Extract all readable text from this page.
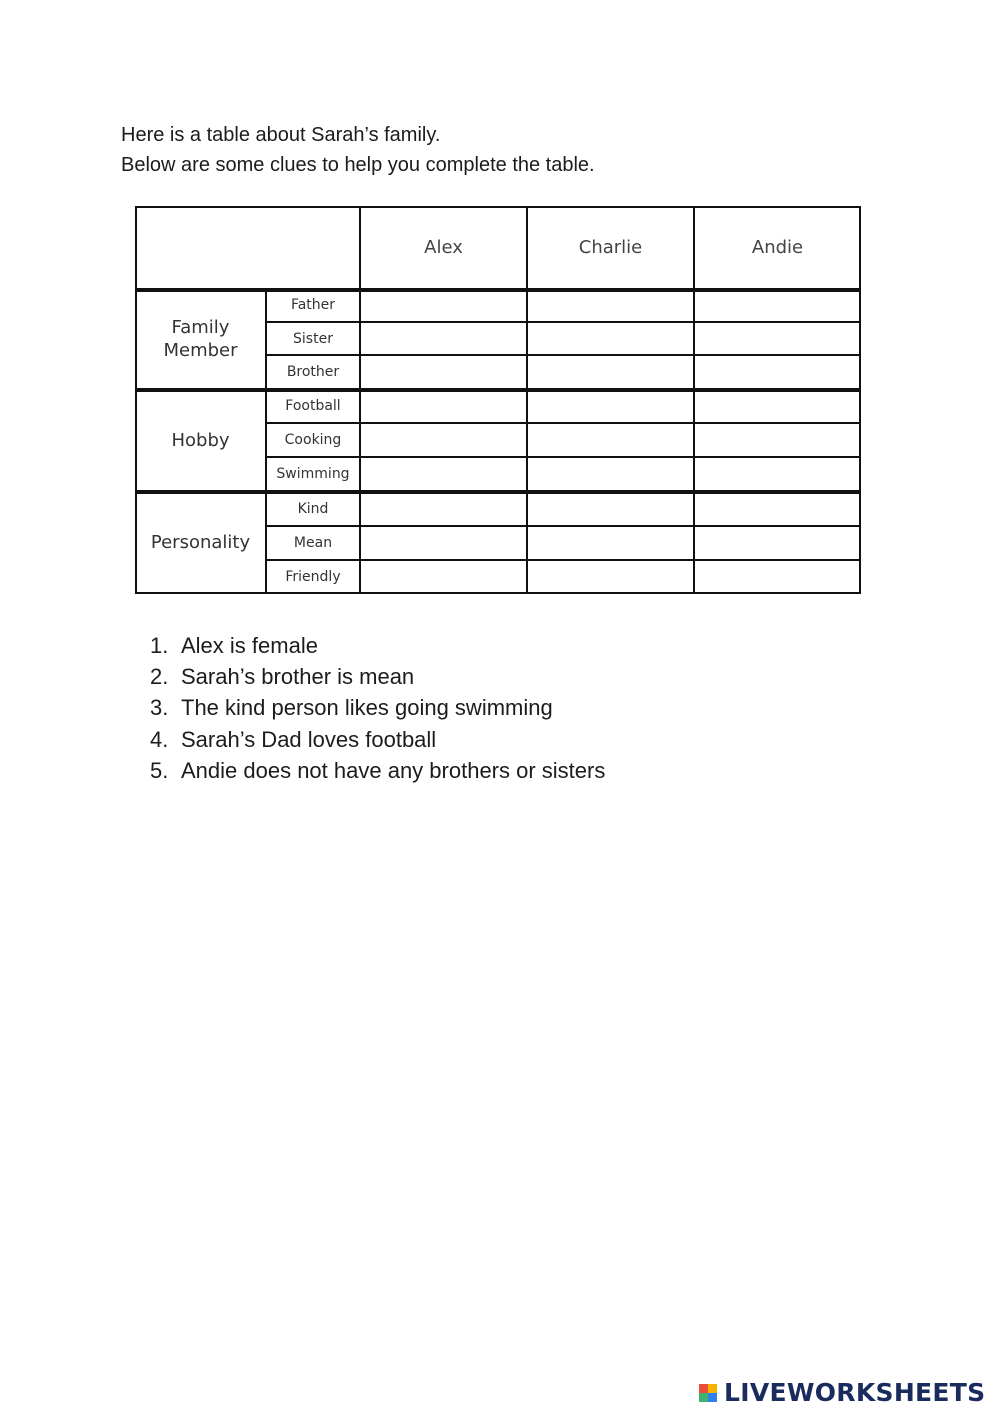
Here is a table about Sarah’s family.
Below are some clues to help you complete the table.
Alex	Charlie	Andie
Family
Member
Father
Sister
Brother
Hobby
Football
Cooking
Swimming
Personality
Kind
Mean
Friendly
1. Alex is female
2. Sarah’s brother is mean
3. The kind person likes going swimming
4. Sarah’s Dad loves football
5. Andie does not have any brothers or sisters
LIVEWORKSHEETS
